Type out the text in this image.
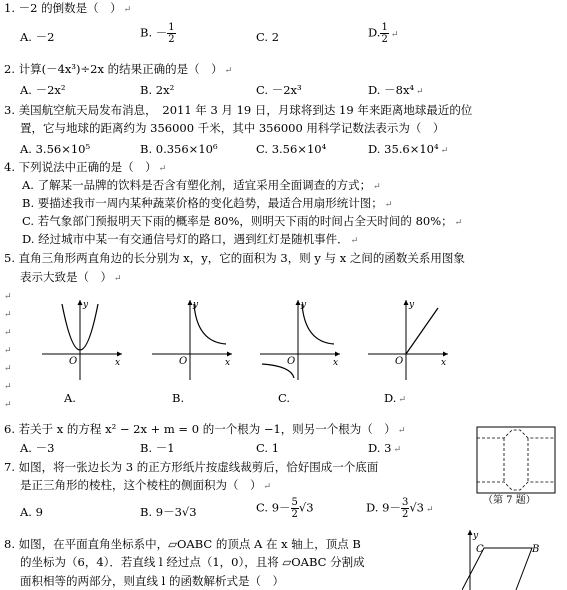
1. －2 的倒数是（　） ↵
A. －2	B. － $\frac{1}{2}$	C. 2	D. $\frac{1}{2}$ ↵
2. 计算(－4x³)÷2x 的结果正确的是（　） ↵
A. －2x²	B. 2x²	C. －2x³	D. －8x⁴ ↵
3. 美国航空航天局发布消息，　2011 年 3 月 19 日，月球将到达 19 年来距离地球最近的位
置，它与地球的距离约为 356000 千米，其中 356000 用科学记数法表示为（　）
A. 3.56×10⁵	B. 0.356×10⁶	C. 3.56×10⁴	D. 35.6×10⁴ ↵
4. 下列说法中正确的是（　） ↵
A. 了解某一品牌的饮料是否含有塑化剂，适宜采用全面调查的方式； ↵
B. 要描述我市一周内某种蔬菜价格的变化趋势，最适合用扇形统计图； ↵
C. 若气象部门预报明天下雨的概率是 80%，则明天下雨的时间占全天时间的 80%； ↵
D. 经过城市中某一有交通信号灯的路口，遇到红灯是随机事件． ↵
5. 直角三角形两直角边的长分别为 x，y，它的面积为 3，则 y 与 x 之间的函数关系用图象
表示大致是（　） ↵
↵
↵
↵
↵
↵
↵
↵
y
x
O
A.
y
x
O
B.
y
x
O
C.
y
x
O
D. ↵
6. 若关于 x 的方程 x² − 2x + m = 0 的一个根为 −1，则另一个根为（　） ↵
A. －3	B. －1	C. 1	D. 3 ↵
7. 如图，将一张边长为 3 的正方形纸片按虚线裁剪后，恰好围成一个底面
是正三角形的棱柱，这个棱柱的侧面积为（　） ↵
A. 9	B. 9－3√3	C. $9- \frac{5}{2} √3$	D. $9- \frac{3}{2} √3$ ↵
（第 7 题）
8. 如图，在平面直角坐标系中，▱OABC 的顶点 A 在 x 轴上，顶点 B
的坐标为（6，4）．若直线 l 经过点（1，0），且将 ▱OABC 分割成
面积相等的两部分，则直线 l 的函数解析式是（　）
y
C	B
